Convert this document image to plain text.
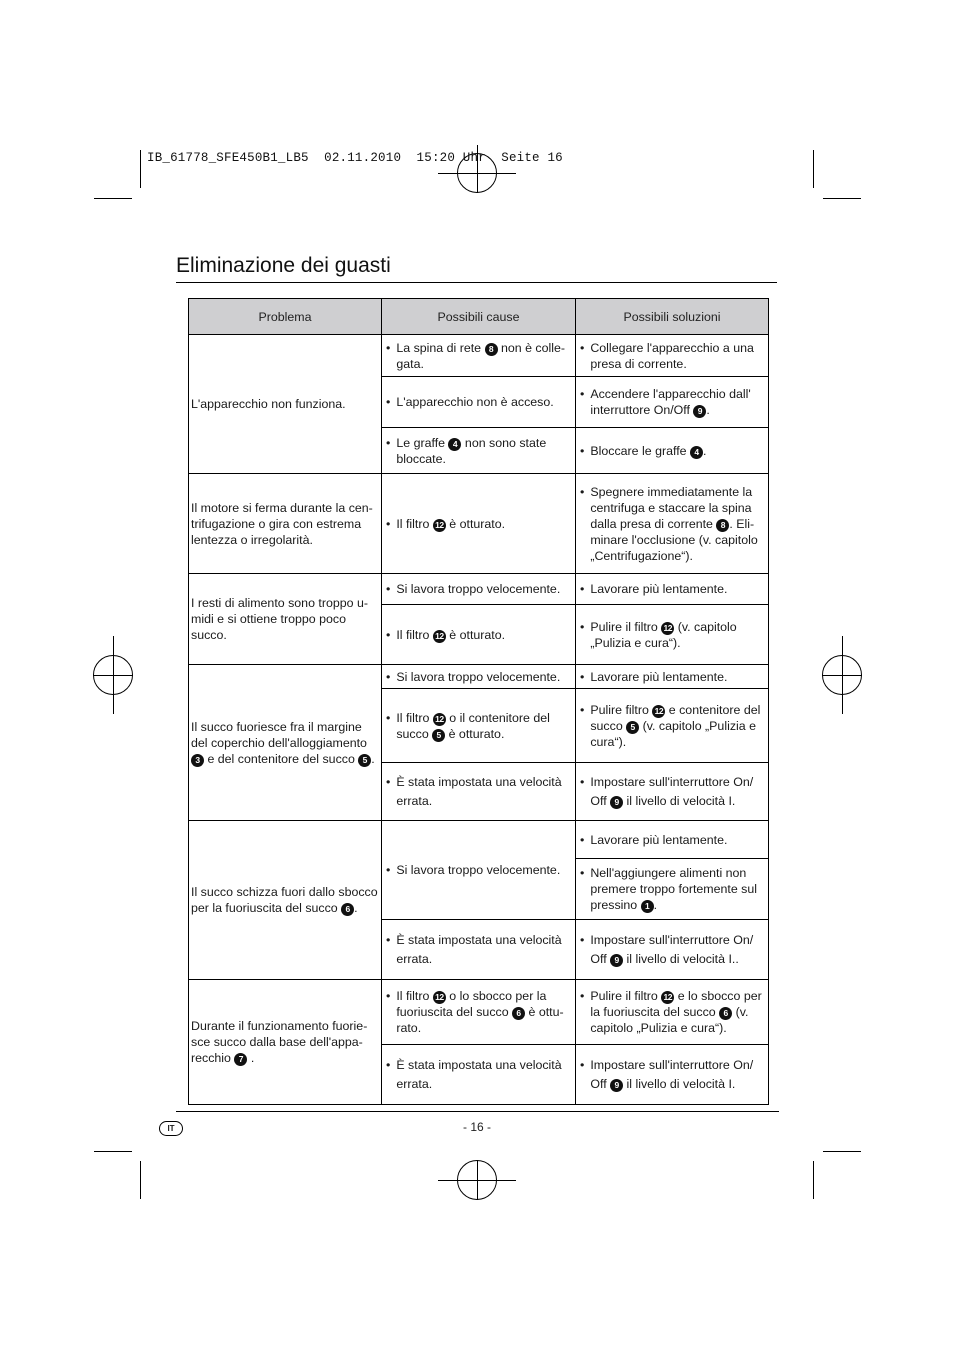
IB_61778_SFE450B1_LB5  02.11.2010  15:20 Uhr  Seite 16
Eliminazione dei guasti
Problema	Possibili cause	Possibili soluzioni
L'apparecchio non funziona.	• La spina di rete 8 non è colle-gata.	• Collegare l'apparecchio a una presa di corrente.

	• L'apparecchio non è acceso.	• Accendere l'apparecchio dall' interruttore On/Off 9 .

	• Le graffe 4 non sono state bloccate.	• Bloccare le graffe 4 .

Il motore si ferma durante la cen-trifugazione o gira con estrema lentezza o irregolarità.	• Il filtro 12 è otturato.	• Spegnere immediatamente la centrifuga e staccare la spina dalla presa di corrente 8 . Eli-minare l'occlusione (v. capitolo „Centrifugazione“).

I resti di alimento sono troppo u-midi e si ottiene troppo poco succo.	• Si lavora troppo velocemente.	• Lavorare più lentamente.

	• Il filtro 12 è otturato.	• Pulire il filtro 12 (v. capitolo „Pulizia e cura“).

Il succo fuoriesce fra il margine del coperchio dell'alloggiamento 3 e del contenitore del succo 5 .	• Si lavora troppo velocemente.	• Lavorare più lentamente.

	• Il filtro 12 o il contenitore del succo 5 è otturato.	• Pulire filtro 12 e contenitore del succo 5 (v. capitolo „Pulizia e cura“).

	• È stata impostata una velocità errata.	• Impostare sull'interruttore On/ Off 9 il livello di velocità I.

Il succo schizza fuori dallo sbocco per la fuoriuscita del succo 6 .	• Si lavora troppo velocemente.	• Lavorare più lentamente.

		• Nell'aggiungere alimenti non premere troppo fortemente sul pressino 1 .

	• È stata impostata una velocità errata.	• Impostare sull'interruttore On/ Off 9 il livello di velocità I..

Durante il funzionamento fuorie-sce succo dalla base dell'appa-recchio 7 .	• Il filtro 12 o lo sbocco per la fuoriuscita del succo 6 è ottu-rato.	• Pulire il filtro 12 e lo sbocco per la fuoriuscita del succo 6 (v. capitolo „Pulizia e cura“).

	• È stata impostata una velocità errata.	• Impostare sull'interruttore On/ Off 9 il livello di velocità I.
IT	- 16 -
